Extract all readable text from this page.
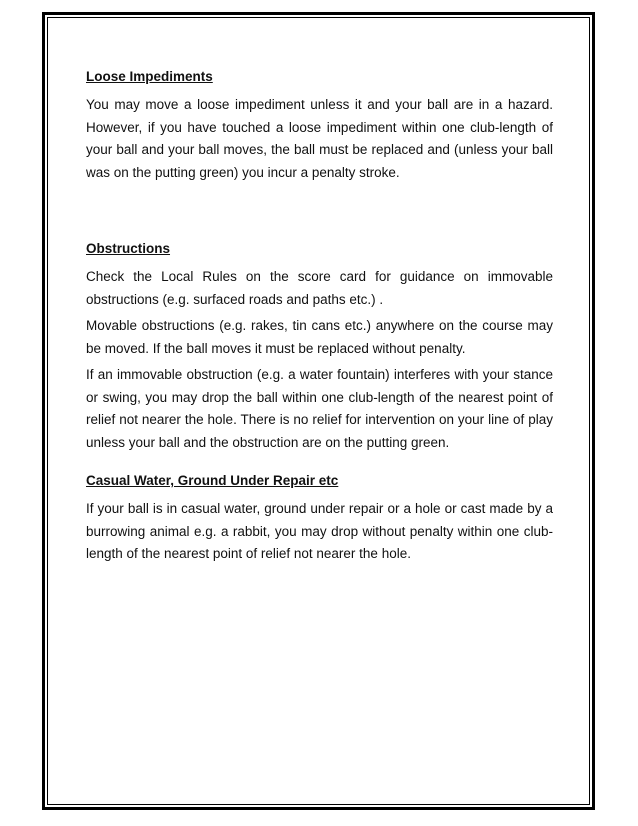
Loose Impediments

You may move a loose impediment unless it and your ball are in a hazard. However, if you have touched a loose impediment within one club-length of your ball and your ball moves, the ball must be replaced and (unless your ball was on the putting green) you incur a penalty stroke.

Obstructions

Check the Local Rules on the score card for guidance on immovable obstructions (e.g. surfaced roads and paths etc.) .

Movable obstructions (e.g. rakes, tin cans etc.) anywhere on the course may be moved. If the ball moves it must be replaced without penalty.

If an immovable obstruction (e.g. a water fountain) interferes with your stance or swing, you may drop the ball within one club-length of the nearest point of relief not nearer the hole. There is no relief for intervention on your line of play unless your ball and the obstruction are on the putting green.

Casual Water, Ground Under Repair etc

If your ball is in casual water, ground under repair or a hole or cast made by a burrowing animal e.g. a rabbit, you may drop without penalty within one club-length of the nearest point of relief not nearer the hole.
